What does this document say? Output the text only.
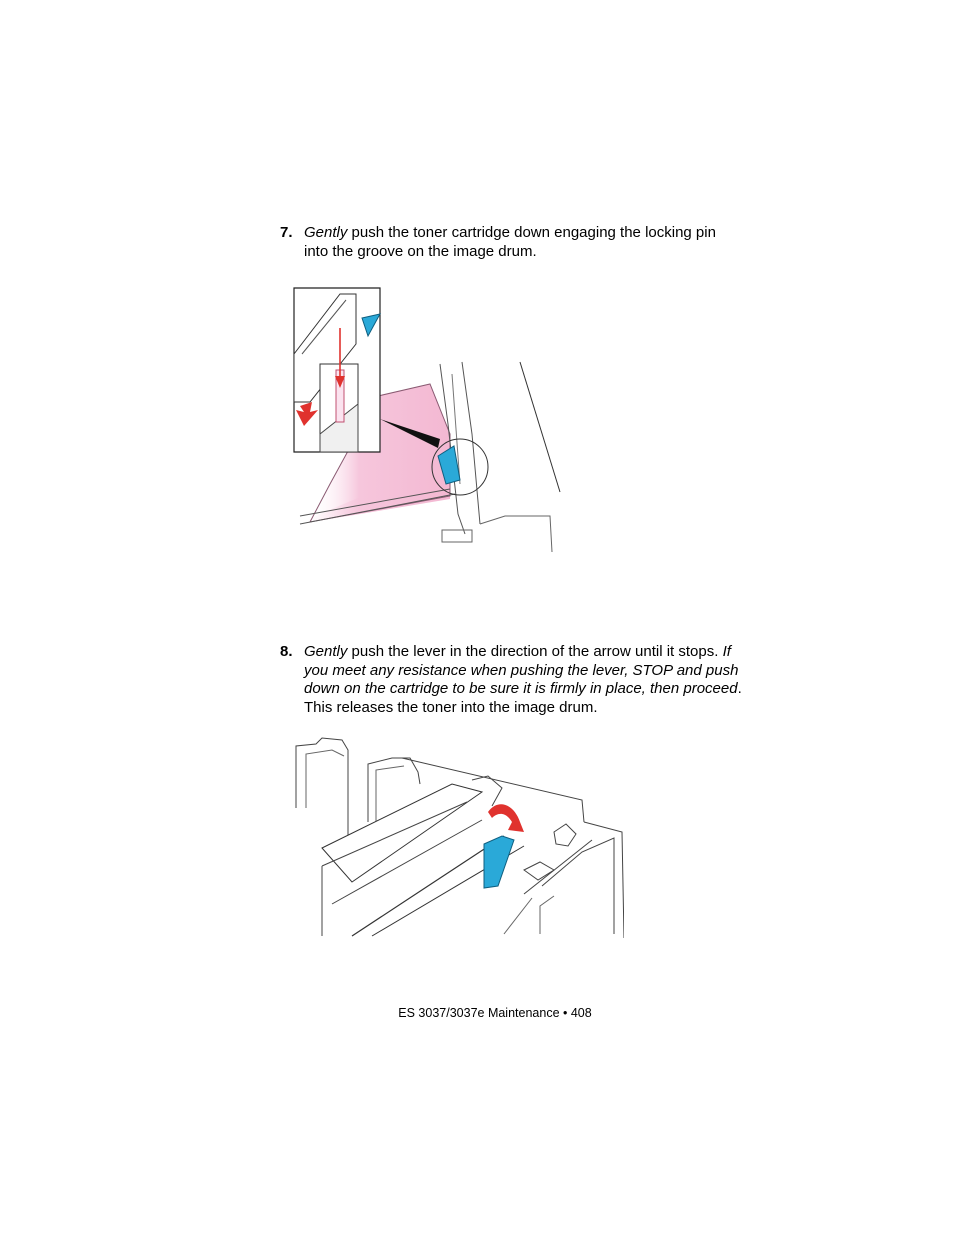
7. Gently push the toner cartridge down engaging the locking pin into the groove on the image drum.
8. Gently push the lever in the direction of the arrow until it stops. If you meet any resistance when pushing the lever, STOP and push down on the cartridge to be sure it is firmly in place, then proceed. This releases the toner into the image drum.
ES 3037/3037e Maintenance • 408
